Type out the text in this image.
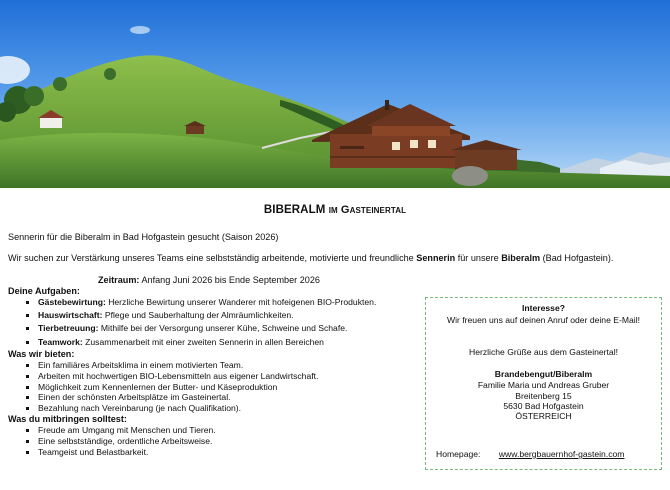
BIBERALM im Gasteinertal
Sennerin für die Biberalm in Bad Hofgastein gesucht (Saison 2026)
Wir suchen zur Verstärkung unseres Teams eine selbstständig arbeitende, motivierte und freundliche Sennerin für unsere Biberalm (Bad Hofgastein).
Zeitraum: Anfang Juni 2026 bis Ende September 2026
Deine Aufgaben:
Gästebewirtung: Herzliche Bewirtung unserer Wanderer mit hofeigenen BIO-Produkten.
Hauswirtschaft: Pflege und Sauberhaltung der Almräumlichkeiten.
Tierbetreuung: Mithilfe bei der Versorgung unserer Kühe, Schweine und Schafe.
Teamwork: Zusammenarbeit mit einer zweiten Sennerin in allen Bereichen
Was wir bieten:
Ein familiäres Arbeitsklima in einem motivierten Team.
Arbeiten mit hochwertigen BIO-Lebensmitteln aus eigener Landwirtschaft.
Möglichkeit zum Kennenlernen der Butter- und Käseproduktion
Einen der schönsten Arbeitsplätze im Gasteinertal.
Bezahlung nach Vereinbarung (je nach Qualifikation).
Was du mitbringen solltest:
Freude am Umgang mit Menschen und Tieren.
Eine selbstständige, ordentliche Arbeitsweise.
Teamgeist und Belastbarkeit.
Interesse?
Wir freuen uns auf deinen Anruf oder deine E-Mail!
Herzliche Grüße aus dem Gasteinertal!
Brandebengut/Biberalm
Familie Maria und Andreas Gruber
Breitenberg 15
5630 Bad Hofgastein
ÖSTERREICH
Homepage: www.bergbauernhof-gastein.com
